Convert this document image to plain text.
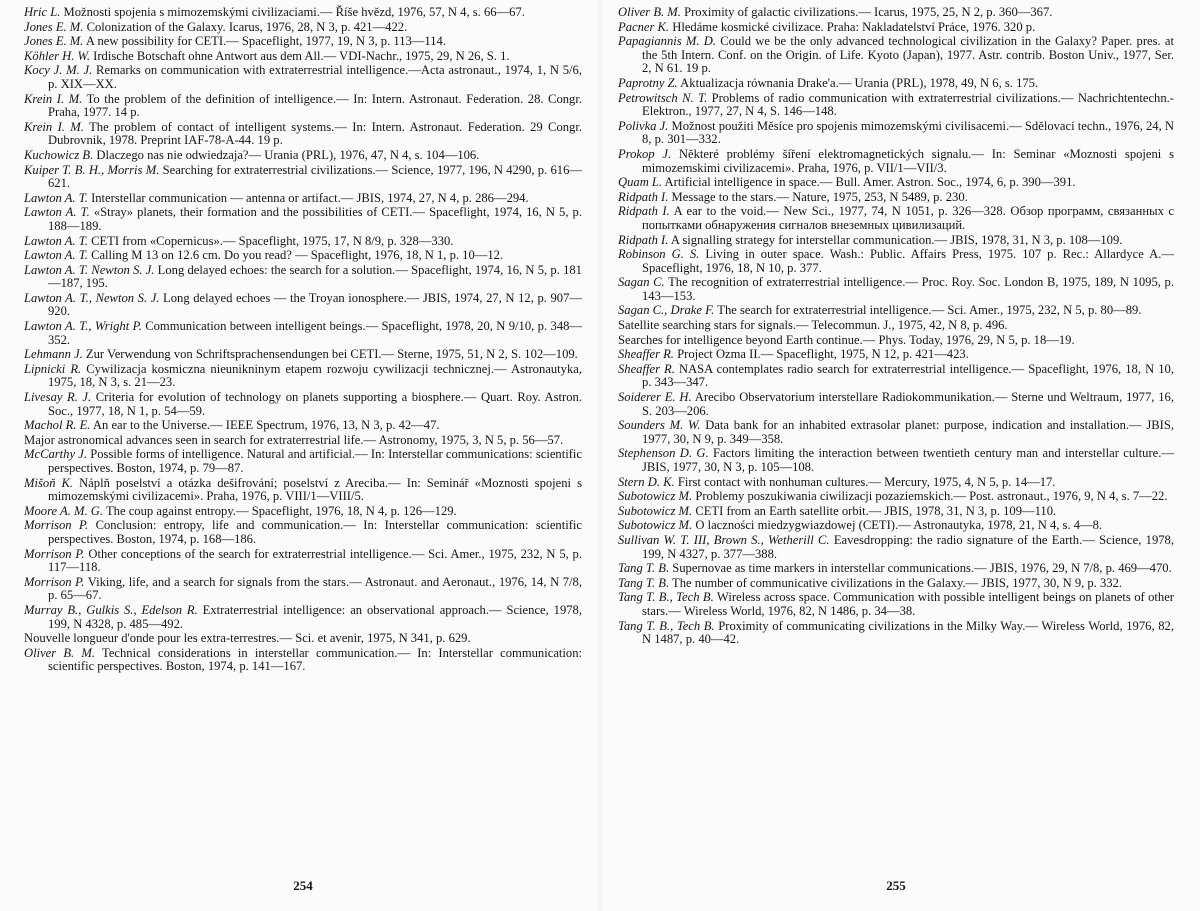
Hric L. Možnosti spojenia s mimozemskými civilizaciami.— Říše hvězd, 1976, 57, N 4, s. 66—67.
Jones E. M. Colonization of the Galaxy. Icarus, 1976, 28, N 3, p. 421—422.
Jones E. M. A new possibility for CETI.— Spaceflight, 1977, 19, N 3, p. 113—114.
Köhler H. W. Irdische Botschaft ohne Antwort aus dem All.— VDI-Nachr., 1975, 29, N 26, S. 1.
Kocy J. M. J. Remarks on communication with extraterrestrial intelligence.—Acta astronaut., 1974, 1, N 5/6, p. XIX—XX.
Krein I. M. To the problem of the definition of intelligence.— In: Intern. Astronaut. Federation. 28. Congr. Praha, 1977. 14 p.
Krein I. M. The problem of contact of intelligent systems.— In: Intern. Astronaut. Federation. 29 Congr. Dubrovnik, 1978. Preprint IAF-78-A-44. 19 p.
Kuchowicz B. Dlaczego nas nie odwiedzaja?— Urania (PRL), 1976, 47, N 4, s. 104—106.
Kuiper T. B. H., Morris M. Searching for extraterrestrial civilizations.— Science, 1977, 196, N 4290, p. 616—621.
Lawton A. T. Interstellar communication — antenna or artifact.— JBIS, 1974, 27, N 4, p. 286—294.
Lawton A. T. «Stray» planets, their formation and the possibilities of CETI.— Spaceflight, 1974, 16, N 5, p. 188—189.
Lawton A. T. CETI from «Copernicus».— Spaceflight, 1975, 17, N 8/9, p. 328—330.
Lawton A. T. Calling M 13 on 12.6 cm. Do you read? — Spaceflight, 1976, 18, N 1, p. 10—12.
Lawton A. T. Newton S. J. Long delayed echoes: the search for a solution.— Spaceflight, 1974, 16, N 5, p. 181—187, 195.
Lawton A. T., Newton S. J. Long delayed echoes — the Troyan ionosphere.— JBIS, 1974, 27, N 12, p. 907—920.
Lawton A. T., Wright P. Communication between intelligent beings.— Spaceflight, 1978, 20, N 9/10, p. 348—352.
Lehmann J. Zur Verwendung von Schriftsprachensendungen bei CETI.— Sterne, 1975, 51, N 2, S. 102—109.
Lipnicki R. Cywilizacja kosmiczna nieunikninym etapem rozwoju cywilizacji technicznej.— Astronautyka, 1975, 18, N 3, s. 21—23.
Livesay R. J. Criteria for evolution of technology on planets supporting a biosphere.— Quart. Roy. Astron. Soc., 1977, 18, N 1, p. 54—59.
Machol R. E. An ear to the Universe.— IEEE Spectrum, 1976, 13, N 3, p. 42—47.
Major astronomical advances seen in search for extraterrestrial life.— Astronomy, 1975, 3, N 5, p. 56—57.
McCarthy J. Possible forms of intelligence. Natural and artificial.— In: Interstellar communications: scientific perspectives. Boston, 1974, p. 79—87.
Mišoň K. Náplň poselství a otázka dešifrování; poselství z Arecibа.— In: Seminář «Moznosti spojeni s mimozemskými civilizacemi». Praha, 1976, p. VIII/1—VIII/5.
Moore A. M. G. The coup against entropy.— Spaceflight, 1976, 18, N 4, p. 126—129.
Morrison P. Conclusion: entropy, life and communication.— In: Interstellar communication: scientific perspectives. Boston, 1974, p. 168—186.
Morrison P. Other conceptions of the search for extraterrestrial intelligence.— Sci. Amer., 1975, 232, N 5, p. 117—118.
Morrison P. Viking, life, and a search for signals from the stars.— Astronaut. and Aeronaut., 1976, 14, N 7/8, p. 65—67.
Murray B., Gulkis S., Edelson R. Extraterrestrial intelligence: an observational approach.— Science, 1978, 199, N 4328, p. 485—492.
Nouvelle longueur d'onde pour les extra-terrestres.— Sci. et avenir, 1975, N 341, p. 629.
Oliver B. M. Technical considerations in interstellar communication.— In: Interstellar communication: scientific perspectives. Boston, 1974, p. 141—167.
254
Oliver B. M. Proximity of galactic civilizations.— Icarus, 1975, 25, N 2, p. 360—367.
Pacner K. Hledáme kosmické civilizace. Praha: Nakladatelství Práce, 1976. 320 p.
Papagiannis M. D. Could we be the only advanced technological civilization in the Galaxy? Paper. pres. at the 5th Intern. Conf. on the Origin. of Life. Kyoto (Japan), 1977. Astr. contrib. Boston Univ., 1977, Ser. 2, N 61. 19 p.
Paprotny Z. Aktualizacja równania Drake'a.— Urania (PRL), 1978, 49, N 6, s. 175.
Petrowitsch N. T. Problems of radio communication with extraterrestrial civilizations.— Nachrichtentechn.-Elektron., 1977, 27, N 4, S. 146—148.
Polivka J. Možnost použiti Měsíce pro spojenis mimozemskými civilisacemi.— Sdělovací techn., 1976, 24, N 8, p. 301—332.
Prokop J. Některé problémy šíření elektromagnetických signalu.— In: Seminar «Moznosti spojeni s mimozemskimi civilizacemi». Praha, 1976, p. VII/1—VII/3.
Quam L. Artificial intelligence in space.— Bull. Amer. Astron. Soc., 1974, 6, p. 390—391.
Ridpath I. Message to the stars.— Nature, 1975, 253, N 5489, p. 230.
Ridpath I. A ear to the void.— New Sci., 1977, 74, N 1051, p. 326—328. Обзор программ, связанных с попытками обнаружения сигналов внеземных цивилизаций.
Ridpath I. A signalling strategy for interstellar communication.— JBIS, 1978, 31, N 3, p. 108—109.
Robinson G. S. Living in outer space. Wash.: Public. Affairs Press, 1975. 107 p. Rec.: Allardyce A.— Spaceflight, 1976, 18, N 10, p. 377.
Sagan C. The recognition of extraterrestrial intelligence.— Proc. Roy. Soc. London B, 1975, 189, N 1095, p. 143—153.
Sagan C., Drake F. The search for extraterrestrial intelligence.— Sci. Amer., 1975, 232, N 5, p. 80—89.
Satellite searching stars for signals.— Telecommun. J., 1975, 42, N 8, p. 496.
Searches for intelligence beyond Earth continue.— Phys. Today, 1976, 29, N 5, p. 18—19.
Sheaffer R. Project Ozma II.— Spaceflight, 1975, N 12, p. 421—423.
Sheaffer R. NASA contemplates radio search for extraterrestrial intelligence.— Spaceflight, 1976, 18, N 10, p. 343—347.
Soiderer E. H. Arecibo Observatorium interstellare Radiokommunikation.— Sterne und Weltraum, 1977, 16, S. 203—206.
Sounders M. W. Data bank for an inhabited extrasolar planet: purpose, indication and installation.— JBIS, 1977, 30, N 9, p. 349—358.
Stephenson D. G. Factors limiting the interaction between twentieth century man and interstellar culture.— JBIS, 1977, 30, N 3, p. 105—108.
Stern D. K. First contact with nonhuman cultures.— Mercury, 1975, 4, N 5, p. 14—17.
Subotowicz M. Problemy poszukiwania ciwilizacji pozaziemskich.— Post. astronaut., 1976, 9, N 4, s. 7—22.
Subotowicz M. CETI from an Earth satellite orbit.— JBIS, 1978, 31, N 3, p. 109—110.
Subotowicz M. O lacznośсi miedzygwiazdowej (CETI).— Astronautyka, 1978, 21, N 4, s. 4—8.
Sullivan W. T. III, Brown S., Wetherill C. Eavesdropping: the radio signature of the Earth.— Science, 1978, 199, N 4327, p. 377—388.
Tang T. B. Supernovae as time markers in interstellar communications.— JBIS, 1976, 29, N 7/8, p. 469—470.
Tang T. B. The number of communicative civilizations in the Galaxy.— JBIS, 1977, 30, N 9, p. 332.
Tang T. B., Tech B. Wireless across space. Communication with possible intelligent beings on planets of other stars.— Wireless World, 1976, 82, N 1486, p. 34—38.
Tang T. B., Tech B. Proximity of communicating civilizations in the Milky Way.— Wireless World, 1976, 82, N 1487, p. 40—42.
255
